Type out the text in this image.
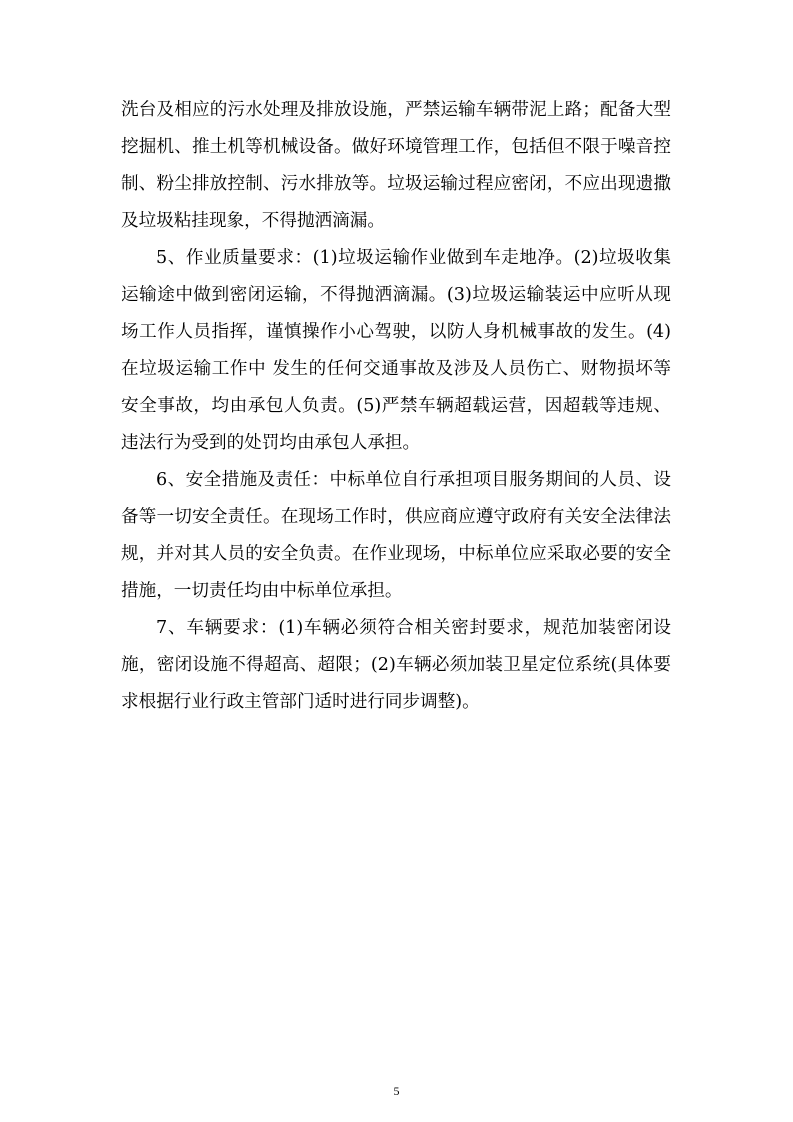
洗台及相应的污水处理及排放设施，严禁运输车辆带泥上路；配备大型挖掘机、推土机等机械设备。做好环境管理工作，包括但不限于噪音控制、粉尘排放控制、污水排放等。垃圾运输过程应密闭，不应出现遗撒及垃圾粘挂现象，不得抛洒滴漏。

5、作业质量要求：(1)垃圾运输作业做到车走地净。(2)垃圾收集运输途中做到密闭运输，不得抛洒滴漏。(3)垃圾运输装运中应听从现场工作人员指挥，谨慎操作小心驾驶，以防人身机械事故的发生。(4)在垃圾运输工作中 发生的任何交通事故及涉及人员伤亡、财物损坏等安全事故，均由承包人负责。(5)严禁车辆超载运营，因超载等违规、违法行为受到的处罚均由承包人承担。

6、安全措施及责任：中标单位自行承担项目服务期间的人员、设备等一切安全责任。在现场工作时，供应商应遵守政府有关安全法律法规，并对其人员的安全负责。在作业现场，中标单位应采取必要的安全措施，一切责任均由中标单位承担。

7、车辆要求：(1)车辆必须符合相关密封要求，规范加装密闭设施，密闭设施不得超高、超限；(2)车辆必须加装卫星定位系统(具体要求根据行业行政主管部门适时进行同步调整)。

5
